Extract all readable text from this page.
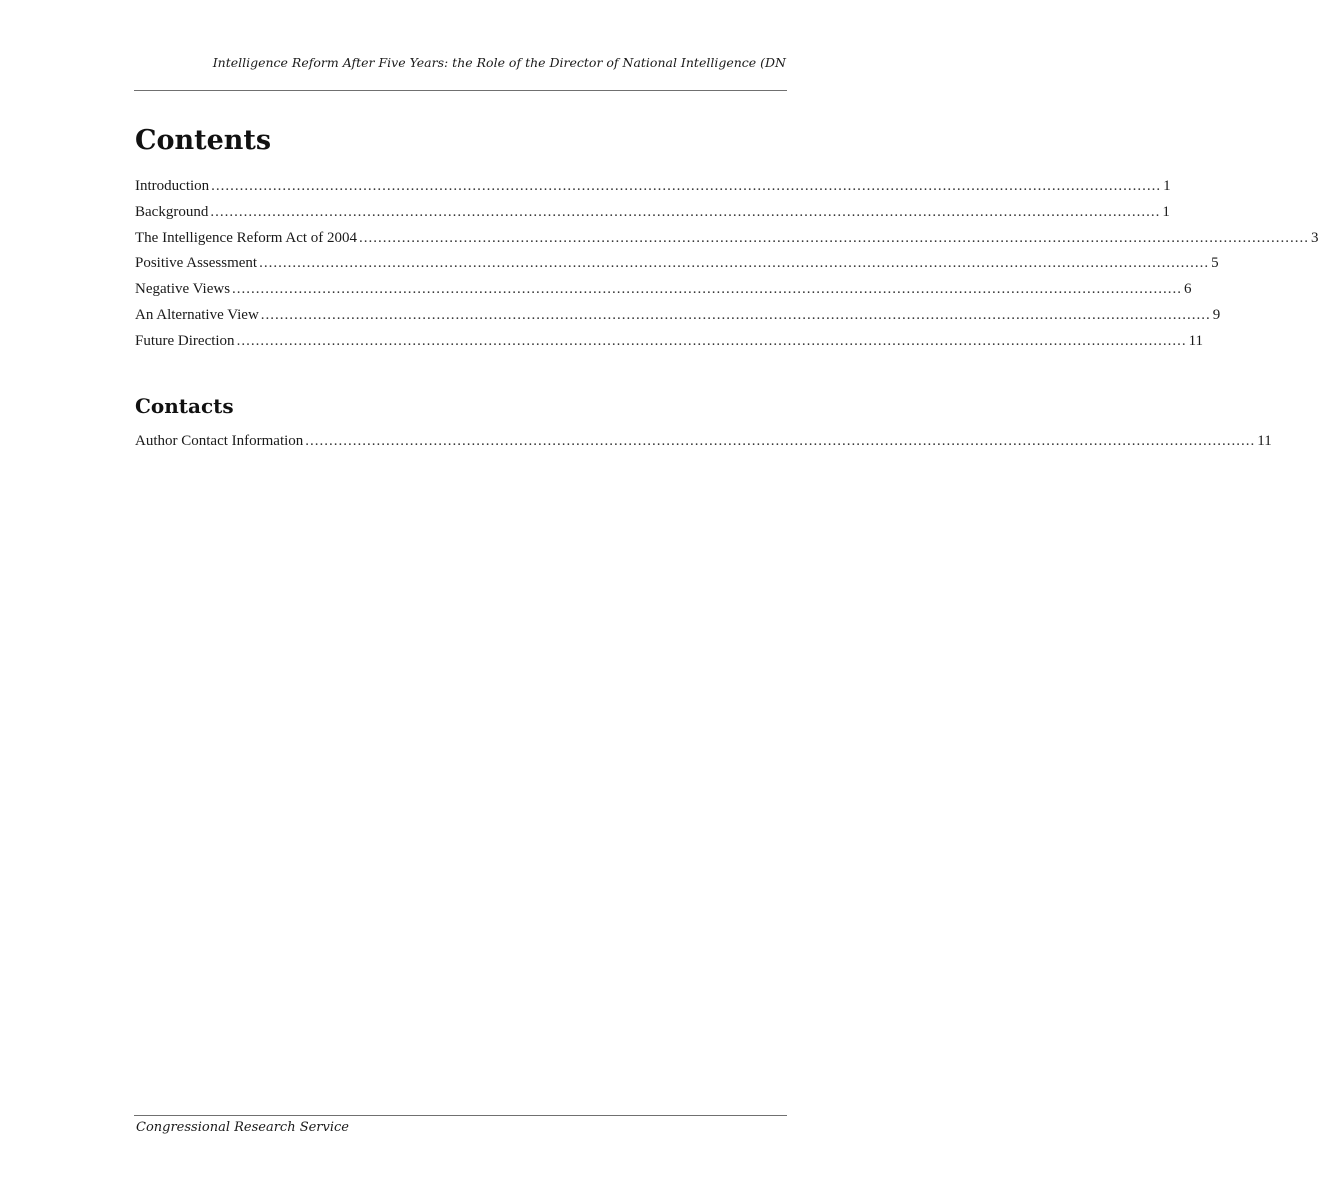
Intelligence Reform After Five Years: the Role of the Director of National Intelligence (DN
Contents
Introduction ........................................................................................................................................................................................................ 1
Background ........................................................................................................................................................................................................ 1
The Intelligence Reform Act of 2004 ........................................................................................................................................................................................................ 3
Positive Assessment ........................................................................................................................................................................................................ 5
Negative Views ........................................................................................................................................................................................................ 6
An Alternative View ........................................................................................................................................................................................................ 9
Future Direction ........................................................................................................................................................................................................ 11
Contacts
Author Contact Information ........................................................................................................................................................................................................ 11
Congressional Research Service
